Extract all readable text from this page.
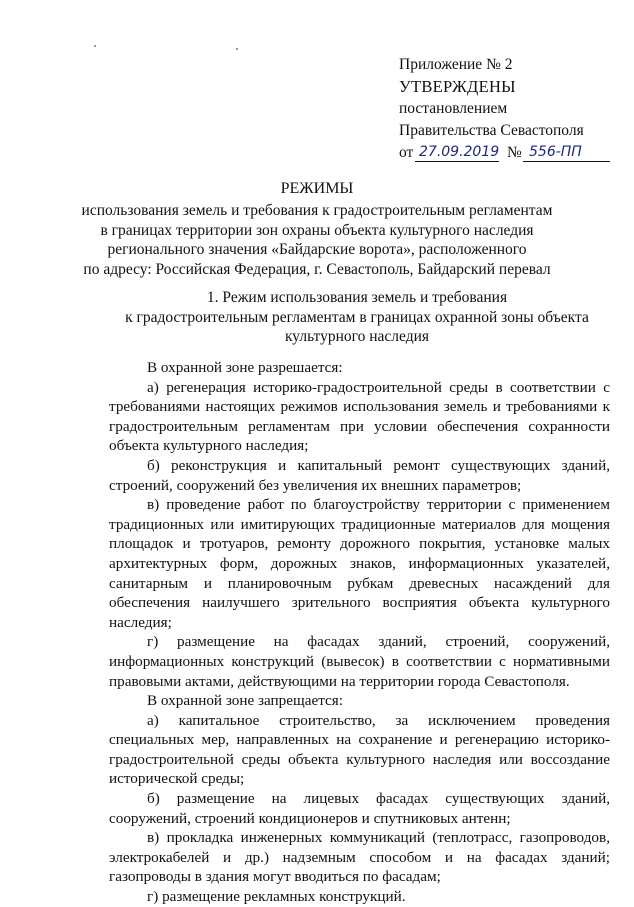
Приложение № 2
УТВЕРЖДЕНЫ
постановлением
Правительства Севастополя
от 27.09.2019 № 556-ПП
РЕЖИМЫ
использования земель и требования к градостроительным регламентам
в границах территории зон охраны объекта культурного наследия
регионального значения «Байдарские ворота», расположенного
по адресу: Российская Федерация, г. Севастополь, Байдарский перевал
1. Режим использования земель и требования
к градостроительным регламентам в границах охранной зоны объекта
культурного наследия

В охранной зоне разрешается:

а) регенерация историко-градостроительной среды в соответствии с требованиями настоящих режимов использования земель и требованиями к градостроительным регламентам при условии обеспечения сохранности объекта культурного наследия;

б) реконструкция и капитальный ремонт существующих зданий, строений, сооружений без увеличения их внешних параметров;

в) проведение работ по благоустройству территории с применением традиционных или имитирующих традиционные материалов для мощения площадок и тротуаров, ремонту дорожного покрытия, установке малых архитектурных форм, дорожных знаков, информационных указателей, санитарным и планировочным рубкам древесных насаждений для обеспечения наилучшего зрительного восприятия объекта культурного наследия;

г) размещение на фасадах зданий, строений, сооружений, информационных конструкций (вывесок) в соответствии с нормативными правовыми актами, действующими на территории города Севастополя.

В охранной зоне запрещается:

а) капитальное строительство, за исключением проведения специальных мер, направленных на сохранение и регенерацию историко-градостроительной среды объекта культурного наследия или воссоздание исторической среды;

б) размещение на лицевых фасадах существующих зданий, сооружений, строений кондиционеров и спутниковых антенн;

в) прокладка инженерных коммуникаций (теплотрасс, газопроводов, электрокабелей и др.) надземным способом и на фасадах зданий; газопроводы в здания могут вводиться по фасадам;

г) размещение рекламных конструкций.
